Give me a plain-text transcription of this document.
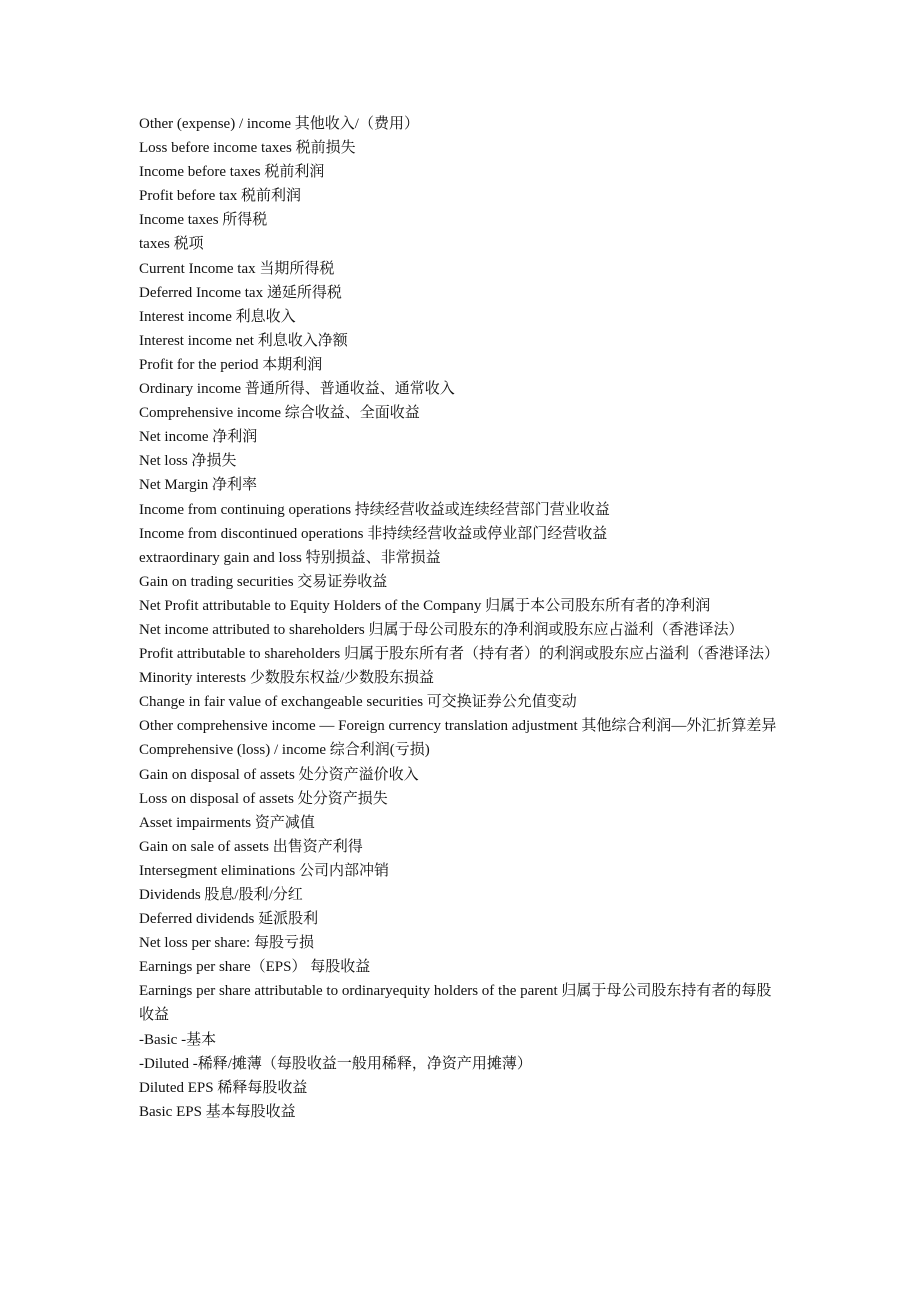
Other (expense) / income 其他收入/（费用）

Loss before income taxes 税前损失

Income before taxes 税前利润

Profit before tax 税前利润

Income taxes 所得税

taxes 税项

Current Income tax 当期所得税

Deferred Income tax 递延所得税

Interest income 利息收入

Interest income net 利息收入净额

Profit for the period 本期利润

Ordinary income 普通所得、普通收益、通常收入

Comprehensive income 综合收益、全面收益

Net income 净利润

Net loss 净损失

Net Margin 净利率

Income from continuing operations 持续经营收益或连续经营部门营业收益

Income from discontinued operations 非持续经营收益或停业部门经营收益

extraordinary gain and loss 特别损益、非常损益

Gain on trading securities 交易证券收益

Net Profit attributable to Equity Holders of the Company 归属于本公司股东所有者的净利润

Net income attributed to shareholders 归属于母公司股东的净利润或股东应占溢利（香港译法）

Profit attributable to shareholders 归属于股东所有者（持有者）的利润或股东应占溢利（香港译法）

Minority interests 少数股东权益/少数股东损益

Change in fair value of exchangeable securities 可交换证券公允值变动

Other comprehensive income — Foreign currency translation adjustment 其他综合利润—外汇折算差异

Comprehensive (loss) / income 综合利润(亏损)

Gain on disposal of assets 处分资产溢价收入

Loss on disposal of assets 处分资产损失

Asset impairments 资产减值

Gain on sale of assets 出售资产利得

Intersegment eliminations 公司内部冲销

Dividends 股息/股利/分红

Deferred dividends 延派股利

Net loss per share: 每股亏损

Earnings per share（EPS） 每股收益

Earnings per share attributable to ordinaryequity holders of the parent 归属于母公司股东持有者的每股收益

-Basic -基本

-Diluted -稀释/摊薄（每股收益一般用稀释，净资产用摊薄）

Diluted EPS 稀释每股收益

Basic EPS 基本每股收益
